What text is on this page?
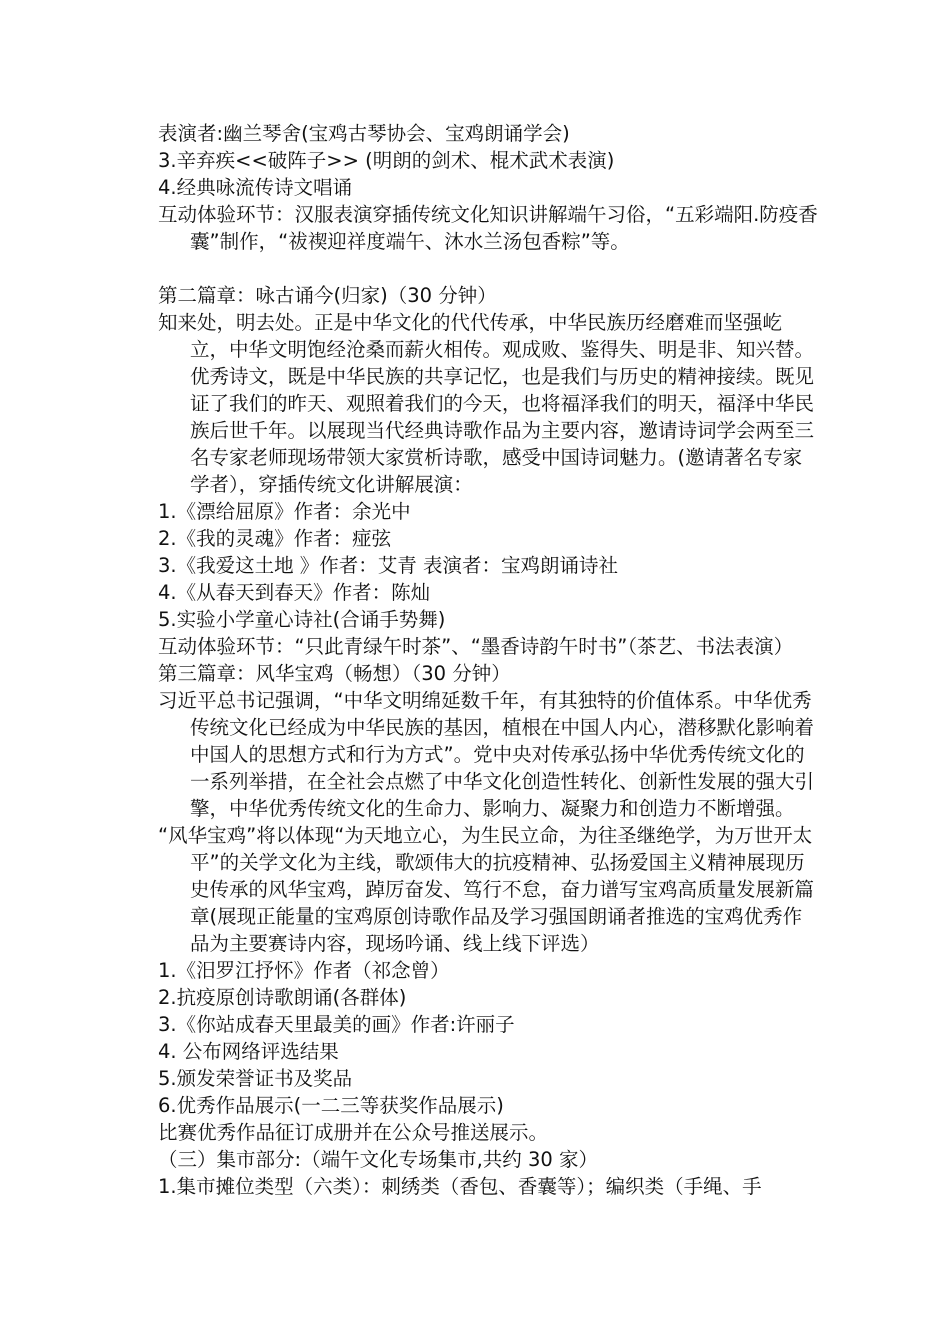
表演者:幽兰琴舍(宝鸡古琴协会、宝鸡朗诵学会)

3.辛弃疾<<破阵子>> (明朗的剑术、棍术武术表演)

4.经典咏流传诗文唱诵

互动体验环节：汉服表演穿插传统文化知识讲解端午习俗，“五彩端阳.防疫香囊”制作，“祓禊迎祥度端午、沐水兰汤包香粽”等。

第二篇章：咏古诵今(归家)（30 分钟）

知来处，明去处。正是中华文化的代代传承，中华民族历经磨难而坚强屹立，中华文明饱经沧桑而薪火相传。观成败、鉴得失、明是非、知兴替。优秀诗文，既是中华民族的共享记忆，也是我们与历史的精神接续。既见证了我们的昨天、观照着我们的今天，也将福泽我们的明天，福泽中华民族后世千年。以展现当代经典诗歌作品为主要内容，邀请诗词学会两至三名专家老师现场带领大家赏析诗歌，感受中国诗词魅力。(邀请著名专家学者），穿插传统文化讲解展演：

1.《漂给屈原》作者：余光中

2.《我的灵魂》作者：痖弦

3.《我爱这土地 》作者：艾青 表演者：宝鸡朗诵诗社

4.《从春天到春天》作者：陈灿

5.实验小学童心诗社(合诵手势舞)

互动体验环节：“只此青绿午时茶”、“墨香诗韵午时书”（茶艺、书法表演）

第三篇章：风华宝鸡（畅想）（30 分钟）

习近平总书记强调，“中华文明绵延数千年，有其独特的价值体系。中华优秀传统文化已经成为中华民族的基因，植根在中国人内心，潜移默化影响着中国人的思想方式和行为方式”。党中央对传承弘扬中华优秀传统文化的一系列举措，在全社会点燃了中华文化创造性转化、创新性发展的强大引擎，中华优秀传统文化的生命力、影响力、凝聚力和创造力不断增强。

“风华宝鸡”将以体现“为天地立心，为生民立命，为往圣继绝学，为万世开太平”的关学文化为主线，歌颂伟大的抗疫精神、弘扬爱国主义精神展现历史传承的风华宝鸡，踔厉奋发、笃行不怠，奋力谱写宝鸡高质量发展新篇章(展现正能量的宝鸡原创诗歌作品及学习强国朗诵者推选的宝鸡优秀作品为主要赛诗内容，现场吟诵、线上线下评选）

1.《汨罗江抒怀》作者（祁念曾）

2.抗疫原创诗歌朗诵(各群体)

3.《你站成春天里最美的画》作者:许丽子

4. 公布网络评选结果

5.颁发荣誉证书及奖品

6.优秀作品展示(一二三等获奖作品展示)

比赛优秀作品征订成册并在公众号推送展示。

（三）集市部分:（端午文化专场集市,共约 30 家）

1.集市摊位类型（六类）：刺绣类（香包、香囊等）；编织类（手绳、手
